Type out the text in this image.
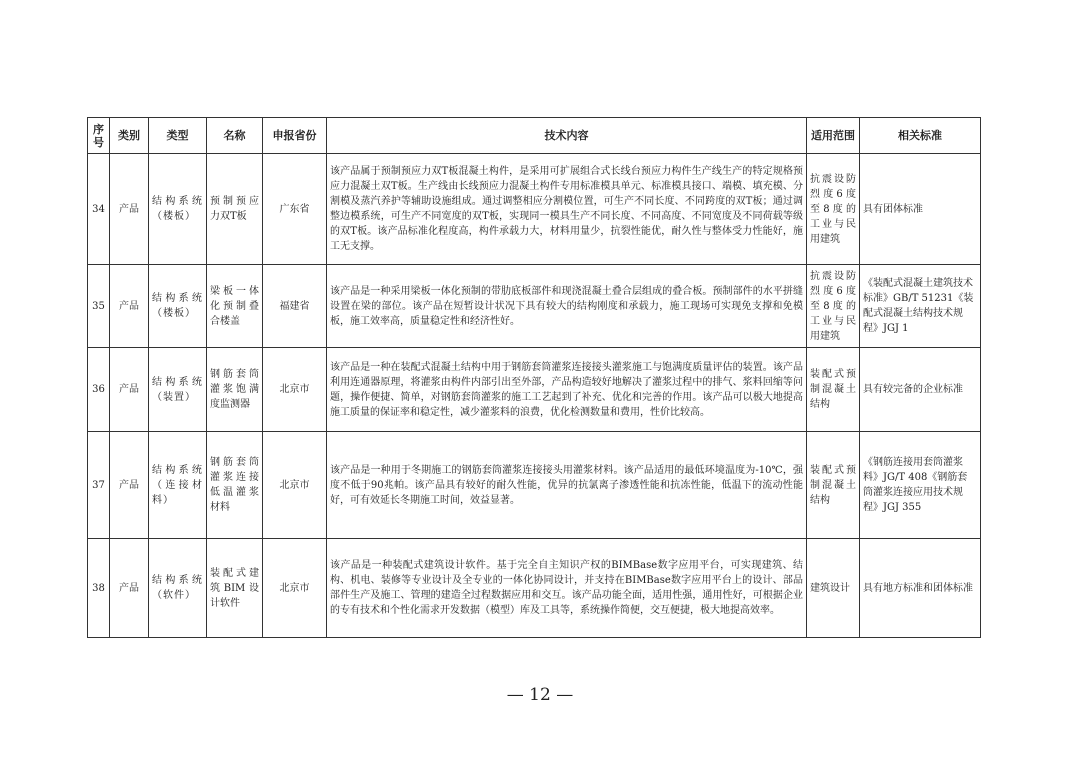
序号	类别	类型	名称	申报省份	技术内容	适用范围	相关标准
34	产品	结构系统（楼板）	预制预应力双T板	广东省	该产品属于预制预应力双T板混凝土构件，是采用可扩展组合式长线台预应力构件生产线生产的特定规格预应力混凝土双T板。生产线由长线预应力混凝土构件专用标准模具单元、标准模具接口、端模、填充模、分割模及蒸汽养护等辅助设施组成。通过调整相应分割模位置，可生产不同长度、不同跨度的双T板；通过调整边模系统，可生产不同宽度的双T板，实现同一模具生产不同长度、不同高度、不同宽度及不同荷载等级的双T板。该产品标准化程度高，构件承载力大，材料用量少，抗裂性能优，耐久性与整体受力性能好，施工无支撑。	抗震设防烈度6度至8度的工业与民用建筑	具有团体标准
35	产品	结构系统（楼板）	梁板一体化预制叠合楼盖	福建省	该产品是一种采用梁板一体化预制的带肋底板部件和现浇混凝土叠合层组成的叠合板。预制部件的水平拼缝设置在梁的部位。该产品在短暂设计状况下具有较大的结构刚度和承载力，施工现场可实现免支撑和免模板，施工效率高，质量稳定性和经济性好。	抗震设防烈度6度至8度的工业与民用建筑	《装配式混凝土建筑技术标准》GB/T 51231《装配式混凝土结构技术规程》JGJ 1
36	产品	结构系统（装置）	钢筋套筒灌浆饱满度监测器	北京市	该产品是一种在装配式混凝土结构中用于钢筋套筒灌浆连接接头灌浆施工与饱满度质量评估的装置。该产品利用连通器原理，将灌浆由构件内部引出至外部，产品构造较好地解决了灌浆过程中的排气、浆料回缩等问题，操作便捷、简单，对钢筋套筒灌浆的施工工艺起到了补充、优化和完善的作用。该产品可以极大地提高施工质量的保证率和稳定性，减少灌浆料的浪费，优化检测数量和费用，性价比较高。	装配式预制混凝土结构	具有较完备的企业标准
37	产品	结构系统（连接材料）	钢筋套筒灌浆连接低温灌浆材料	北京市	该产品是一种用于冬期施工的钢筋套筒灌浆连接接头用灌浆材料。该产品适用的最低环境温度为-10℃，强度不低于90兆帕。该产品具有较好的耐久性能，优异的抗氯离子渗透性能和抗冻性能，低温下的流动性能好，可有效延长冬期施工时间，效益显著。	装配式预制混凝土结构	《钢筋连接用套筒灌浆料》JG/T 408《钢筋套筒灌浆连接应用技术规程》JGJ 355
38	产品	结构系统（软件）	装配式建筑BIM设计软件	北京市	该产品是一种装配式建筑设计软件。基于完全自主知识产权的BIMBase数字应用平台，可实现建筑、结构、机电、装修等专业设计及全专业的一体化协同设计，并支持在BIMBase数字应用平台上的设计、部品部件生产及施工、管理的建造全过程数据应用和交互。该产品功能全面，适用性强，通用性好，可根据企业的专有技术和个性化需求开发数据（模型）库及工具等，系统操作简便，交互便捷，极大地提高效率。	建筑设计	具有地方标准和团体标准
— 12 —
